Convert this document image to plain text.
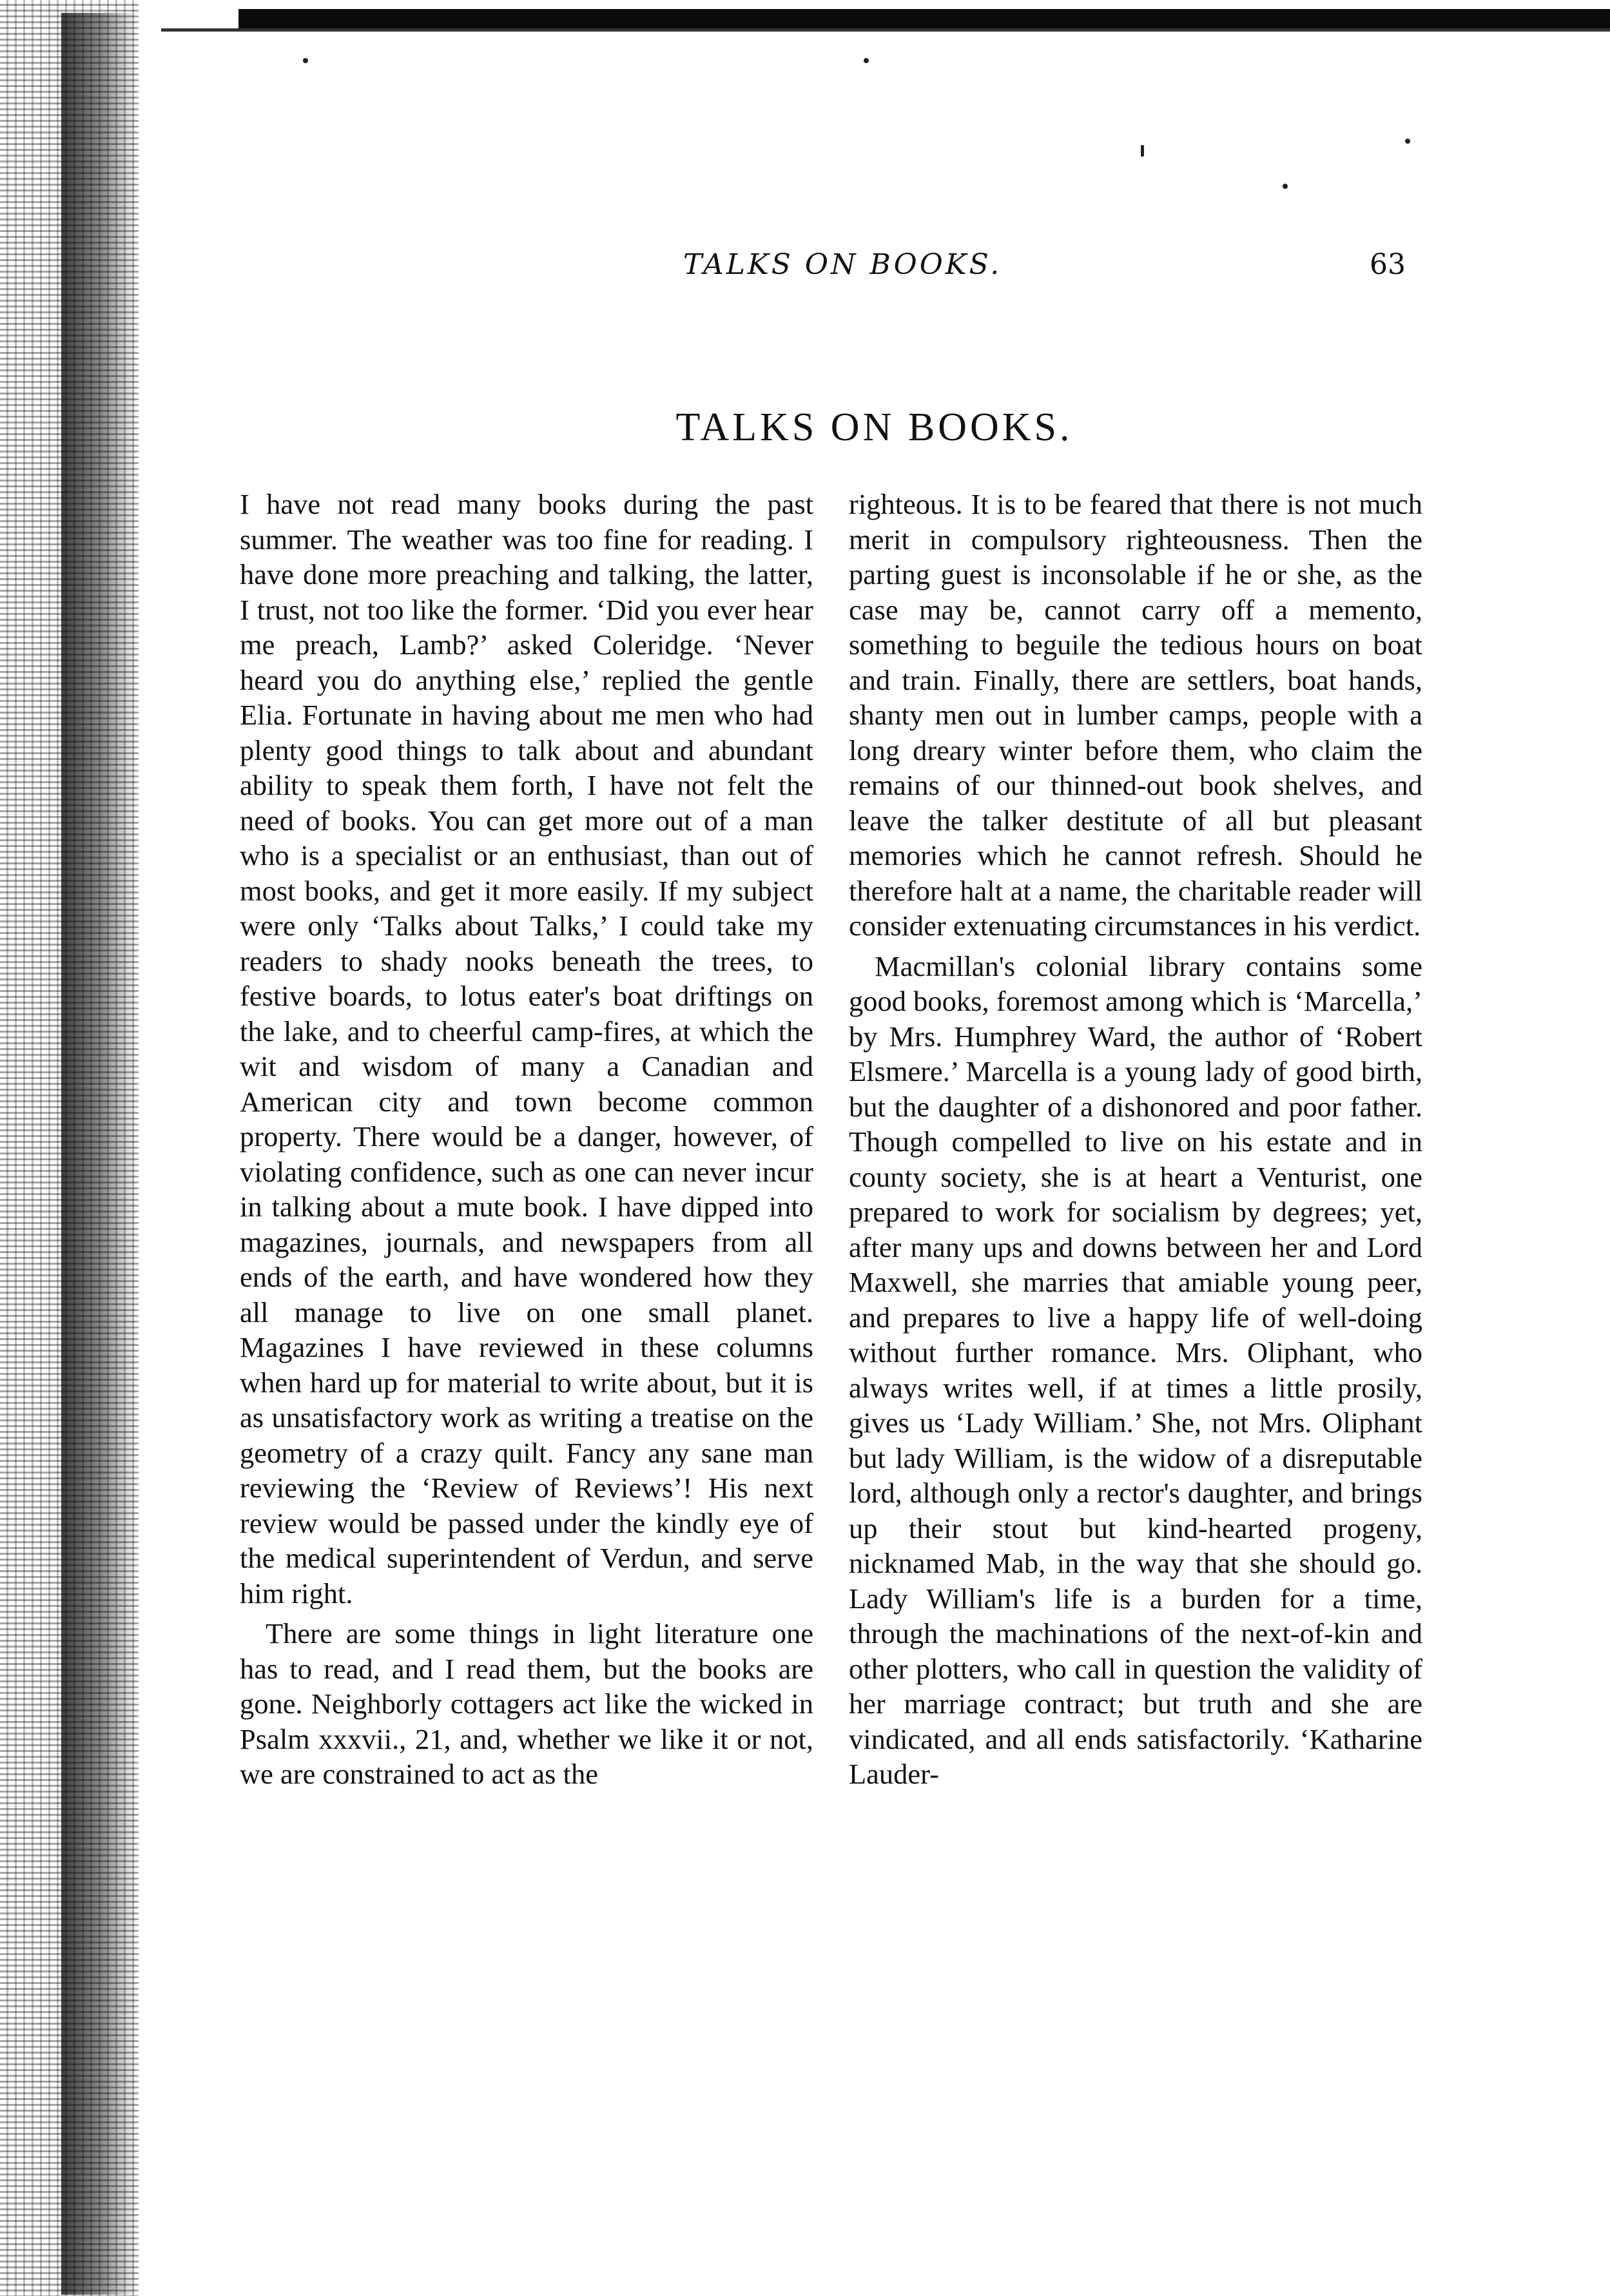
TALKS ON BOOKS.	63
TALKS ON BOOKS.

I have not read many books during the past summer. The weather was too fine for reading. I have done more preaching and talking, the latter, I trust, not too like the former. ‘Did you ever hear me preach, Lamb?’ asked Coleridge. ‘Never heard you do anything else,’ replied the gentle Elia. Fortunate in having about me men who had plenty good things to talk about and abundant ability to speak them forth, I have not felt the need of books. You can get more out of a man who is a specialist or an enthusiast, than out of most books, and get it more easily. If my subject were only ‘Talks about Talks,’ I could take my readers to shady nooks beneath the trees, to festive boards, to lotus eater's boat driftings on the lake, and to cheerful camp-fires, at which the wit and wisdom of many a Canadian and American city and town become common property. There would be a danger, however, of violating confidence, such as one can never incur in talking about a mute book. I have dipped into magazines, journals, and newspapers from all ends of the earth, and have wondered how they all manage to live on one small planet. Magazines I have reviewed in these columns when hard up for material to write about, but it is as unsatisfactory work as writing a treatise on the geometry of a crazy quilt. Fancy any sane man reviewing the ‘Review of Reviews’! His next review would be passed under the kindly eye of the medical superintendent of Verdun, and serve him right.

There are some things in light literature one has to read, and I read them, but the books are gone. Neighborly cottagers act like the wicked in Psalm xxxvii., 21, and, whether we like it or not, we are constrained to act as the

righteous. It is to be feared that there is not much merit in compulsory righteousness. Then the parting guest is inconsolable if he or she, as the case may be, cannot carry off a memento, something to beguile the tedious hours on boat and train. Finally, there are settlers, boat hands, shanty men out in lumber camps, people with a long dreary winter before them, who claim the remains of our thinned-out book shelves, and leave the talker destitute of all but pleasant memories which he cannot refresh. Should he therefore halt at a name, the charitable reader will consider extenuating circumstances in his verdict.

Macmillan's colonial library contains some good books, foremost among which is ‘Marcella,’ by Mrs. Humphrey Ward, the author of ‘Robert Elsmere.’ Marcella is a young lady of good birth, but the daughter of a dishonored and poor father. Though compelled to live on his estate and in county society, she is at heart a Venturist, one prepared to work for socialism by degrees; yet, after many ups and downs between her and Lord Maxwell, she marries that amiable young peer, and prepares to live a happy life of well-doing without further romance. Mrs. Oliphant, who always writes well, if at times a little prosily, gives us ‘Lady William.’ She, not Mrs. Oliphant but lady William, is the widow of a disreputable lord, although only a rector's daughter, and brings up their stout but kind-hearted progeny, nicknamed Mab, in the way that she should go. Lady William's life is a burden for a time, through the machinations of the next-of-kin and other plotters, who call in question the validity of her marriage contract; but truth and she are vindicated, and all ends satisfactorily. ‘Katharine Lauder-
